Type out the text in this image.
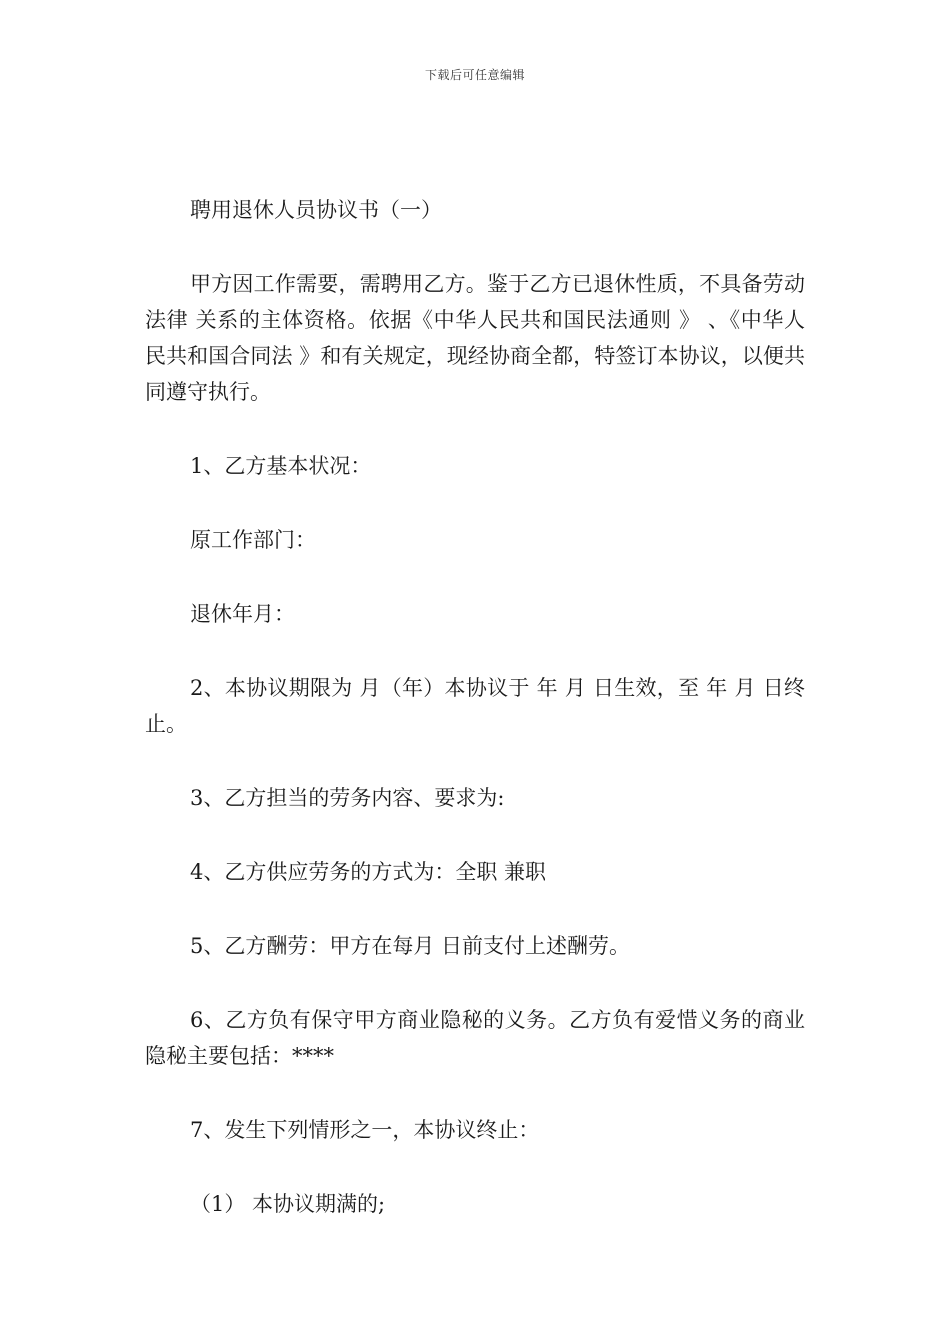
下载后可任意编辑

聘用退休人员协议书（一）

甲方因工作需要，需聘用乙方。鉴于乙方已退休性质，不具备劳动法律 关系的主体资格。依据《中华人民共和国民法通则 》 、《中华人民共和国合同法 》和有关规定，现经协商全都，特签订本协议，以便共同遵守执行。

1、乙方基本状况：

原工作部门：

退休年月：

2、本协议期限为 月（年）本协议于 年 月 日生效，至 年 月 日终止。

3、乙方担当的劳务内容、要求为:

4、乙方供应劳务的方式为：全职 兼职

5、乙方酬劳：甲方在每月 日前支付上述酬劳。

6、乙方负有保守甲方商业隐秘的义务。乙方负有爱惜义务的商业隐秘主要包括：****

7、发生下列情形之一，本协议终止：

（1） 本协议期满的;
